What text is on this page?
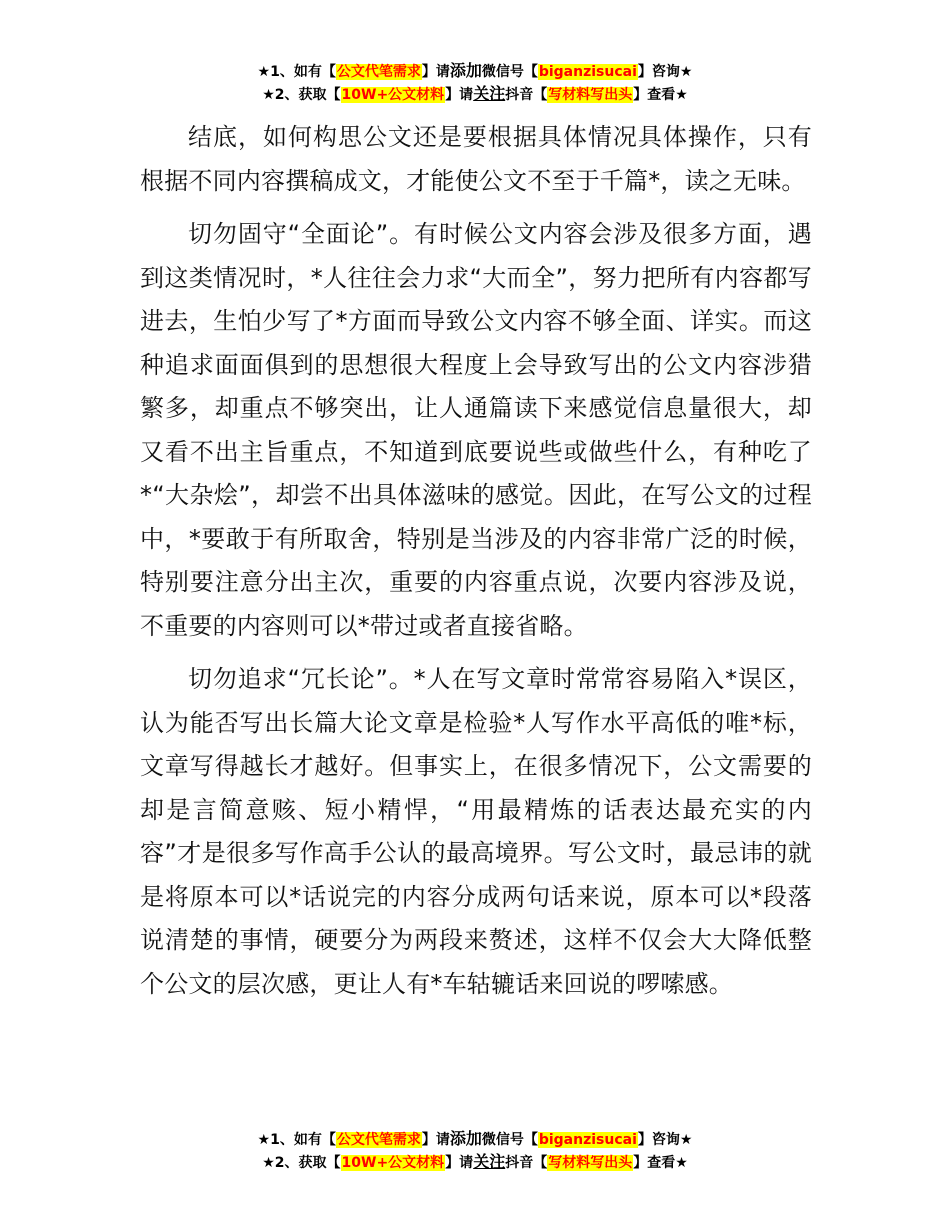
★1、如有【公文代笔需求】请添加微信号【biganzisucai】咨询★
★2、获取【10W+公文材料】请关注抖音【写材料写出头】查看★

结底，如何构思公文还是要根据具体情况具体操作，只有根据不同内容撰稿成文，才能使公文不至于千篇*，读之无味。

切勿固守“全面论”。有时候公文内容会涉及很多方面，遇到这类情况时，*人往往会力求“大而全”，努力把所有内容都写进去，生怕少写了*方面而导致公文内容不够全面、详实。而这种追求面面俱到的思想很大程度上会导致写出的公文内容涉猎繁多，却重点不够突出，让人通篇读下来感觉信息量很大，却又看不出主旨重点，不知道到底要说些或做些什么，有种吃了*“大杂烩”，却尝不出具体滋味的感觉。因此，在写公文的过程中，*要敢于有所取舍，特别是当涉及的内容非常广泛的时候，特别要注意分出主次，重要的内容重点说，次要内容涉及说，不重要的内容则可以*带过或者直接省略。

切勿追求“冗长论”。*人在写文章时常常容易陷入*误区，认为能否写出长篇大论文章是检验*人写作水平高低的唯*标，文章写得越长才越好。但事实上，在很多情况下，公文需要的却是言简意赅、短小精悍，“用最精炼的话表达最充实的内容”才是很多写作高手公认的最高境界。写公文时，最忌讳的就是将原本可以*话说完的内容分成两句话来说，原本可以*段落说清楚的事情，硬要分为两段来赘述，这样不仅会大大降低整个公文的层次感，更让人有*车轱辘话来回说的啰嗦感。

★1、如有【公文代笔需求】请添加微信号【biganzisucai】咨询★
★2、获取【10W+公文材料】请关注抖音【写材料写出头】查看★
